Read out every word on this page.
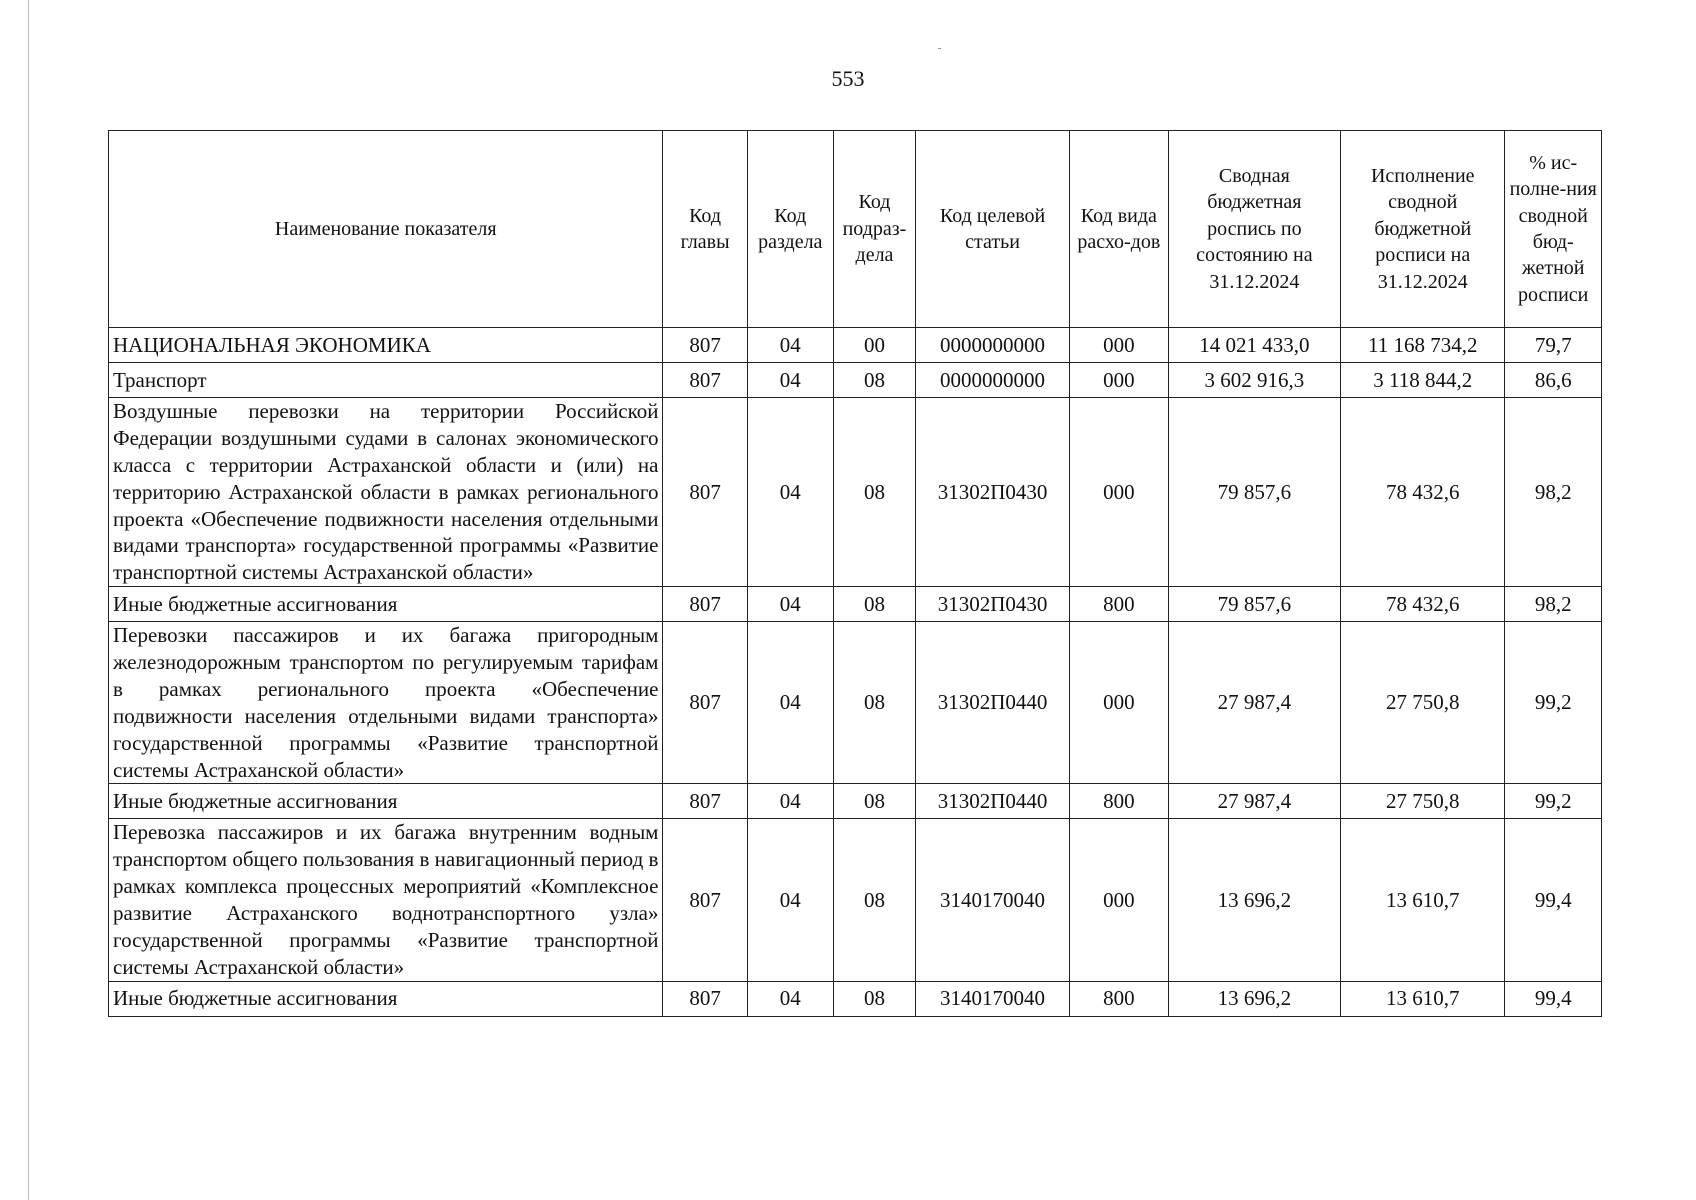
553
Наименование показателя	Код главы	Код раздела	Код подраз-дела	Код целевой статьи	Код вида расхо-дов	Сводная бюджетная роспись по состоянию на 31.12.2024	Исполнение сводной бюджетной росписи на 31.12.2024	% ис-полне-ния сводной бюд-жетной росписи
НАЦИОНАЛЬНАЯ ЭКОНОМИКА	807	04	00	0000000000	000	14 021 433,0	11 168 734,2	79,7
Транспорт	807	04	08	0000000000	000	3 602 916,3	3 118 844,2	86,6
Воздушные перевозки на территории Российской Федерации воздушными судами в салонах экономического класса с территории Астраханской области и (или) на территорию Астраханской области в рамках регионального проекта «Обеспечение подвижности населения отдельными видами транспорта» государственной программы «Развитие транспортной системы Астраханской области»	807	04	08	31302П0430	000	79 857,6	78 432,6	98,2
Иные бюджетные ассигнования	807	04	08	31302П0430	800	79 857,6	78 432,6	98,2
Перевозки пассажиров и их багажа пригородным железнодорожным транспортом по регулируемым тарифам в рамках регионального проекта «Обеспечение подвижности населения отдельными видами транспорта» государственной программы «Развитие транспортной системы Астраханской области»	807	04	08	31302П0440	000	27 987,4	27 750,8	99,2
Иные бюджетные ассигнования	807	04	08	31302П0440	800	27 987,4	27 750,8	99,2
Перевозка пассажиров и их багажа внутренним водным транспортом общего пользования в навигационный период в рамках комплекса процессных мероприятий «Комплексное развитие Астраханского воднотранспортного узла» государственной программы «Развитие транспортной системы Астраханской области»	807	04	08	3140170040	000	13 696,2	13 610,7	99,4
Иные бюджетные ассигнования	807	04	08	3140170040	800	13 696,2	13 610,7	99,4
